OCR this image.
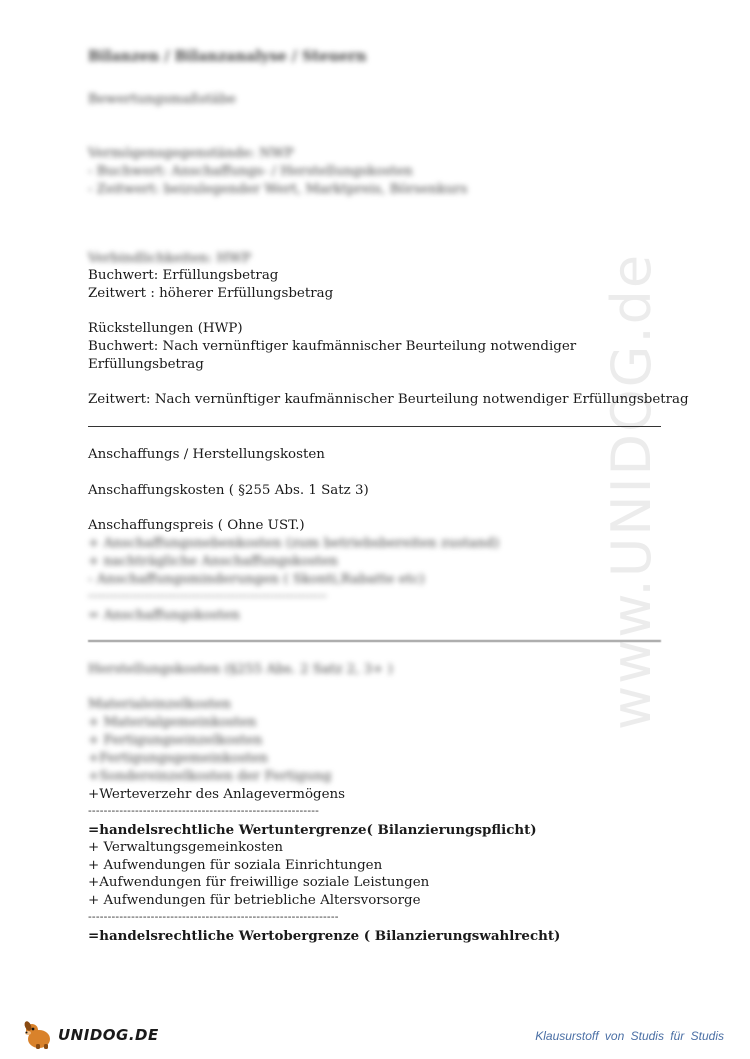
www.UNIDOG.de
Bilanzen / Bilanzanalyse / Steuern
Bewertungsmaßstäbe
Vermögensgegenstände: NWP
- Buchwert: Anschaffungs- / Herstellungskosten
- Zeitwert: beizulegender Wert, Marktpreis, Börsenkurs
Verbindlichkeiten: HWP
Buchwert: Erfüllungsbetrag
Zeitwert : höherer Erfüllungsbetrag
Rückstellungen (HWP)
Buchwert: Nach vernünftiger kaufmännischer Beurteilung notwendiger
Erfüllungsbetrag
Zeitwert: Nach vernünftiger kaufmännischer Beurteilung notwendiger Erfüllungsbetrag
Anschaffungs / Herstellungskosten
Anschaffungskosten ( §255 Abs. 1 Satz 3)
Anschaffungspreis ( Ohne UST.)
+ Anschaffungsnebenkosten (zum betriebsbereiten zustand)
+ nachträgliche Anschaffungskosten
- Anschaffungsminderungen ( Skonti,Rabatte etc)
-------------------------------------------------------------
= Anschaffungskosten
Herstellungskosten (§255 Abs. 2 Satz 2, 3+ )
Materialeinzelkosten
+ Materialgemeinkosten
+ Fertigungseinzelkosten
+Fertigungsgemeinkosten
+Sondereinzelkosten der Fertigung
+Werteverzehr des Anlagevermögens
-----------------------------------------------------------
=handelsrechtliche Wertuntergrenze( Bilanzierungspflicht)
+ Verwaltungsgemeinkosten
+ Aufwendungen für soziala Einrichtungen
+Aufwendungen für freiwillige soziale Leistungen
+ Aufwendungen für betriebliche Altersvorsorge
----------------------------------------------------------------
=handelsrechtliche Wertobergrenze ( Bilanzierungswahlrecht)
UNIDOG.DE	Klausurstoff von Studis für Studis
